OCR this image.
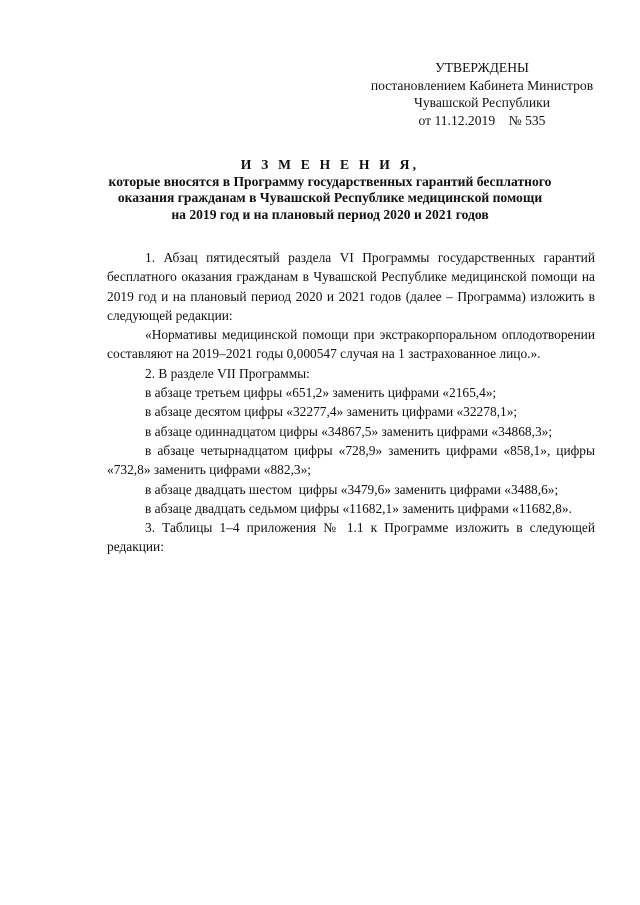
УТВЕРЖДЕНЫ
постановлением Кабинета Министров
Чувашской Республики
от 11.12.2019    № 535
И З М Е Н Е Н И Я,
которые вносятся в Программу государственных гарантий бесплатного
оказания гражданам в Чувашской Республике медицинской помощи
на 2019 год и на плановый период 2020 и 2021 годов

1. Абзац пятидесятый раздела VI Программы государственных гарантий бесплатного оказания гражданам в Чувашской Республике медицинской помощи на 2019 год и на плановый период 2020 и 2021 годов (далее – Программа) изложить в следующей редакции:

«Нормативы медицинской помощи при экстракорпоральном оплодотворении составляют на 2019–2021 годы 0,000547 случая на 1 застрахованное лицо.».

2. В разделе VII Программы:

в абзаце третьем цифры «651,2» заменить цифрами «2165,4»;

в абзаце десятом цифры «32277,4» заменить цифрами «32278,1»;

в абзаце одиннадцатом цифры «34867,5» заменить цифрами «34868,3»;

в абзаце четырнадцатом цифры «728,9» заменить цифрами «858,1», цифры «732,8» заменить цифрами «882,3»;

в абзаце двадцать шестом  цифры «3479,6» заменить цифрами «3488,6»;

в абзаце двадцать седьмом цифры «11682,1» заменить цифрами «11682,8».

3. Таблицы 1–4 приложения № 1.1 к Программе изложить в следующей редакции:
